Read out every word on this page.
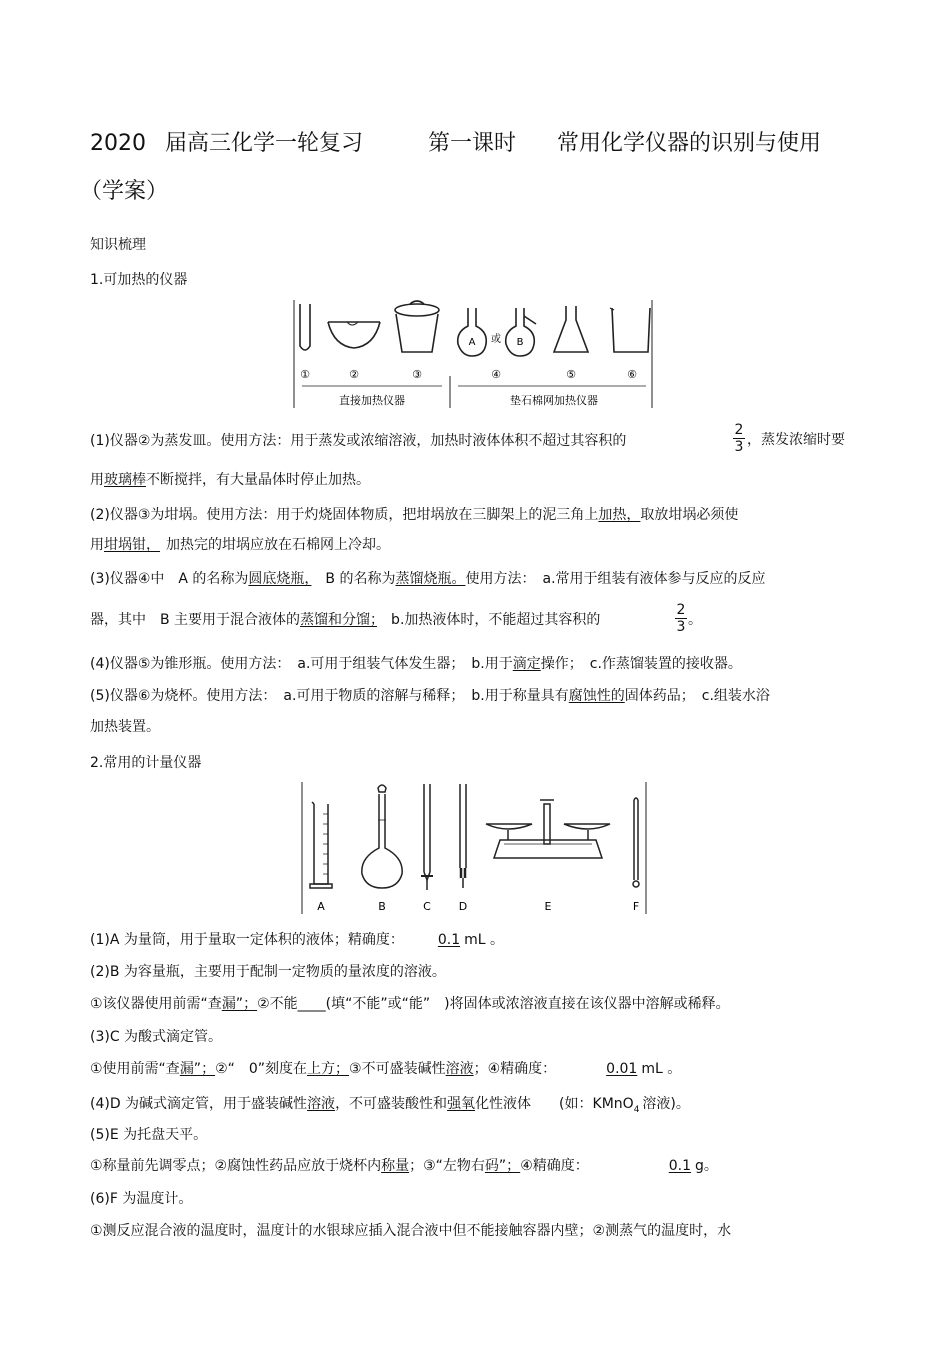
2020 届高三化学一轮复习	第一课时 常用化学仪器的识别与使用
（学案）
知识梳理
1.可加热的仪器
A	B
或
①	②	③	④	⑤	⑥
直接加热仪器	垫石棉网加热仪器
(1)仪器②为蒸发皿。使用方法：用于蒸发或浓缩溶液，加热时液体体积不超过其容积的
2
3 ，蒸发浓缩时要
用玻璃棒不断搅拌，有大量晶体时停止加热。
(2)仪器③为坩埚。使用方法：用于灼烧固体物质，把坩埚放在三脚架上的泥三角上加热，取放坩埚必须使
用坩埚钳， 加热完的坩埚应放在石棉网上冷却。
(3)仪器④中　A 的名称为圆底烧瓶，　B 的名称为蒸馏烧瓶。使用方法：　a.常用于组装有液体参与反应的反应
器，其中　B 主要用于混合液体的蒸馏和分馏；　b.加热液体时，不能超过其容积的
2
3 。
(4)仪器⑤为锥形瓶。使用方法：　a.可用于组装气体发生器；　b.用于滴定操作；　c.作蒸馏装置的接收器。
(5)仪器⑥为烧杯。使用方法：　a.可用于物质的溶解与稀释；　b.用于称量具有腐蚀性的固体药品；　c.组装水浴
加热装置。
2.常用的计量仪器
A	B	C	D	E	F
(1)A 为量筒，用于量取一定体积的液体；精确度： 0.1 mL 。
(2)B 为容量瓶，主要用于配制一定物质的量浓度的溶液。
①该仪器使用前需“查漏”；②不能____(填“不能”或“能”　)将固体或浓溶液直接在该仪器中溶解或稀释。
(3)C 为酸式滴定管。
①使用前需“查漏”；②“　0”刻度在上方；③不可盛装碱性溶液；④精确度：	0.01 mL 。
(4)D 为碱式滴定管，用于盛装碱性溶液，不可盛装酸性和强氧化性液体　　(如：KMnO$_4$ 溶液)。
(5)E 为托盘天平。
①称量前先调零点；②腐蚀性药品应放于烧杯内称量；③“左物右码”；④精确度：	0.1 g。
(6)F 为温度计。
①测反应混合液的温度时，温度计的水银球应插入混合液中但不能接触容器内壁；②测蒸气的温度时，水
